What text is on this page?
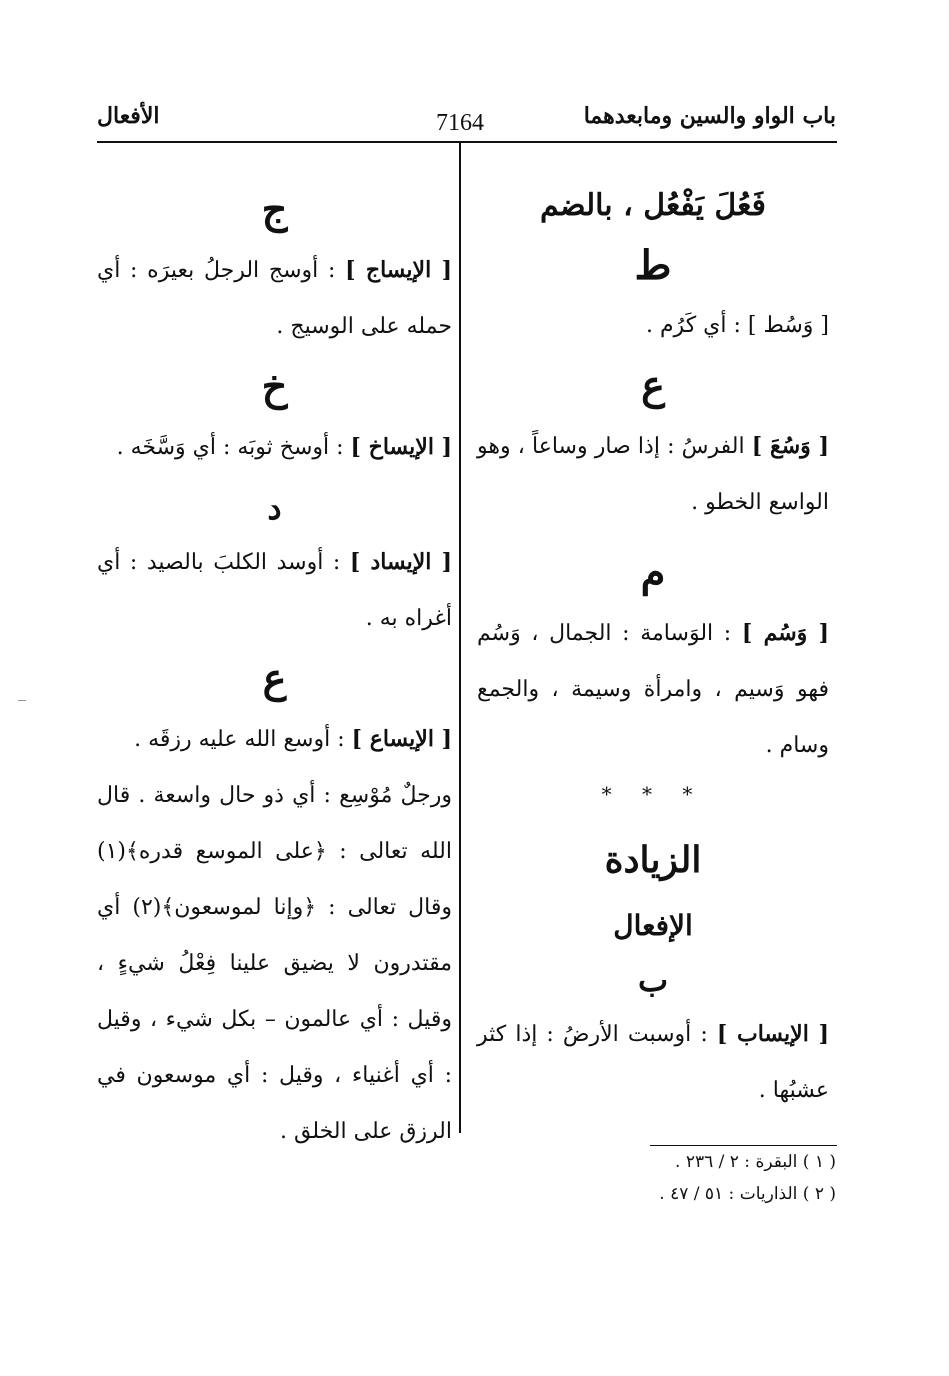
الأفعال	7164	باب الواو والسين ومابعدهما
فَعُلَ يَفْعُل ، بالضم
ط
[ وَسُط ] : أي كَرُم .
ع
[ وَسُعَ ] الفرسُ : إذا صار وساعاً ، وهو الواسع الخطو .
م
[ وَسُم ] : الوَسامة : الجمال ، وَسُم فهو وَسيم ، وامرأة وسيمة ، والجمع وسام .
* * *
الزيادة
الإفعال
ب
[ الإيساب ] : أوسبت الأرضُ : إذا كثر عشبُها .
ج
[ الإيساج ] : أوسج الرجلُ بعيرَه : أي حمله على الوسيج .
خ
[ الإيساخ ] : أوسخ ثوبَه : أي وَسَّخَه .
د
[ الإيساد ] : أوسد الكلبَ بالصيد : أي أغراه به .
ع
[ الإيساع ] : أوسع الله عليه رزقَه .
ورجلٌ مُوْسِع : أي ذو حال واسعة . قال الله تعالى : ﴿على الموسع قدره﴾(١) وقال تعالى : ﴿وإنا لموسعون﴾(٢) أي مقتدرون لا يضيق علينا فِعْلُ شيءٍ ، وقيل : أي عالمون – بكل شيء ، وقيل : أي أغنياء ، وقيل : أي موسعون في الرزق على الخلق .
( ١ ) البقرة : ٢ / ٢٣٦ .
( ٢ ) الذاريات : ٥١ / ٤٧ .
